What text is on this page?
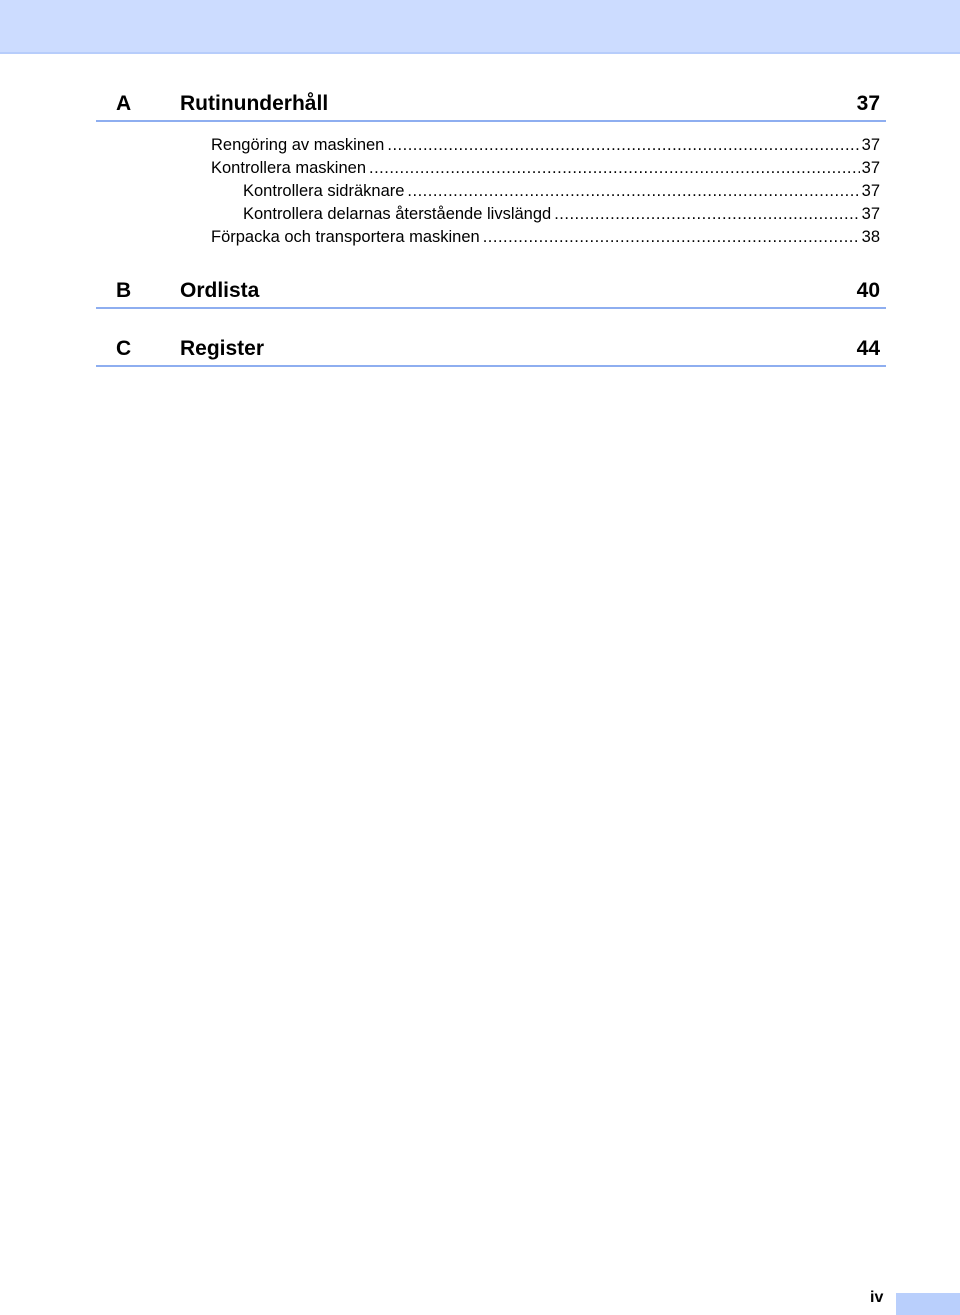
A Rutinunderhåll	37
Rengöring av maskinen .....	37
Kontrollera maskinen .....	37
Kontrollera sidräknare .....	37
Kontrollera delarnas återstående livslängd .....	37
Förpacka och transportera maskinen .....	38
B Ordlista	40
C Register	44
iv
